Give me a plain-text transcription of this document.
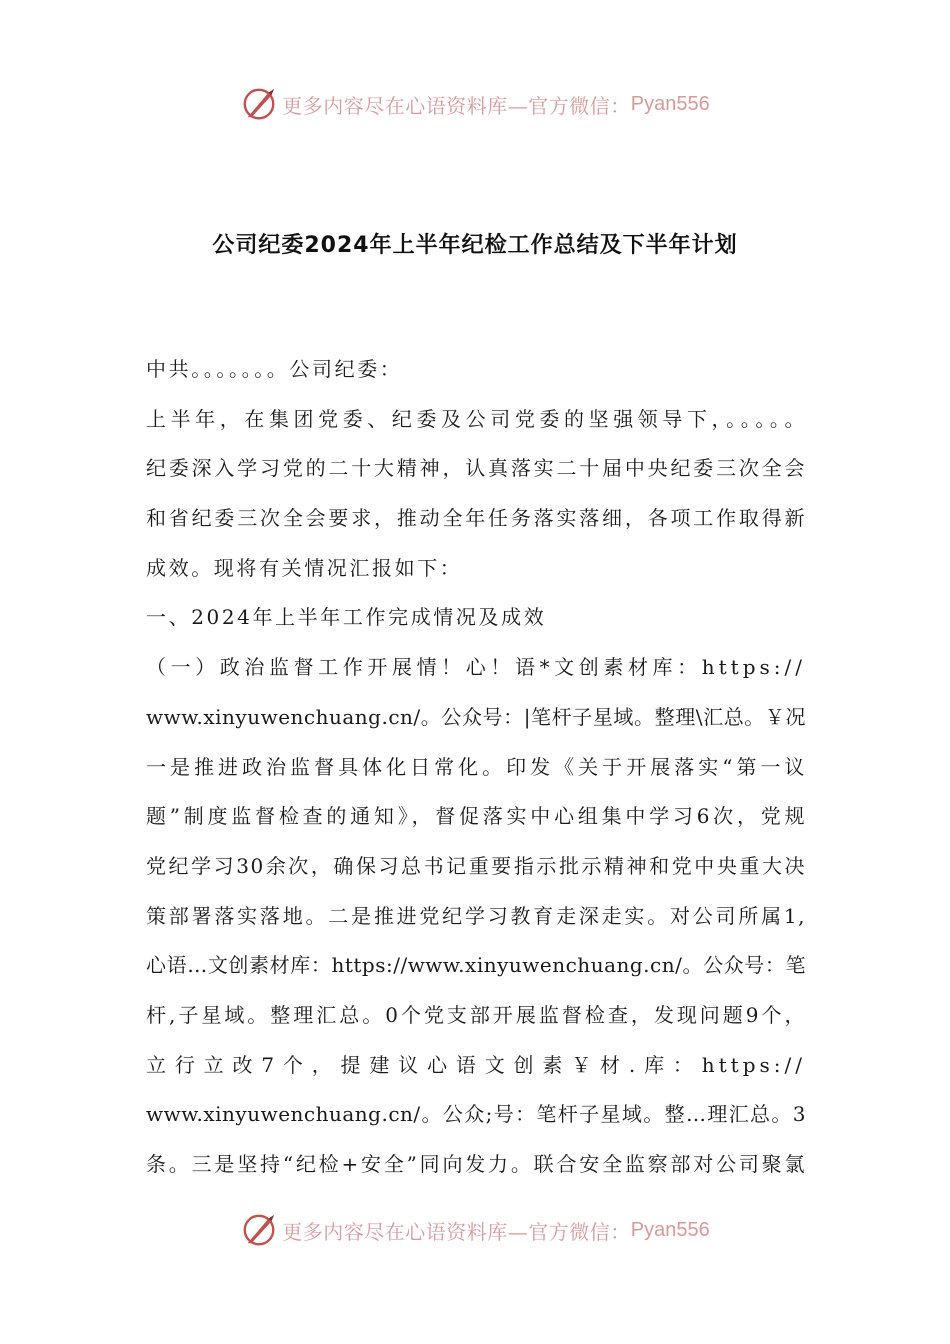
更多内容尽在心语资料库—官方微信： Pyan556
公司纪委2024年上半年纪检工作总结及下半年计划
中共。。。。。。。公司纪委：
上半年，在集团党委、纪委及公司党委的坚强领导下，。。。。。
纪委深入学习党的二十大精神，认真落实二十届中央纪委三次全会
和省纪委三次全会要求，推动全年任务落实落细，各项工作取得新
成效。现将有关情况汇报如下：
一、2024年上半年工作完成情况及成效
（一）政治监督工作开展情！心！语*文创素材库：https://
www.xinyuwenchuang.cn/。公众号：|笔杆子星域。整理\汇总。￥况
一是推进政治监督具体化日常化。印发《关于开展落实“第一议
题”制度监督检查的通知》，督促落实中心组集中学习6次，党规
党纪学习30余次，确保习总书记重要指示批示精神和党中央重大决
策部署落实落地。二是推进党纪学习教育走深走实。对公司所属1,
心语…文创素材库：https://www.xinyuwenchuang.cn/。公众号：笔
杆,子星域。整理汇总。0个党支部开展监督检查，发现问题9个，
立行立改7个，提建议心语文创素￥材.库：https://
www.xinyuwenchuang.cn/。公众;号：笔杆子星域。整…理汇总。3
条。三是坚持“纪检+安全”同向发力。联合安全监察部对公司聚氯
更多内容尽在心语资料库—官方微信： Pyan556
